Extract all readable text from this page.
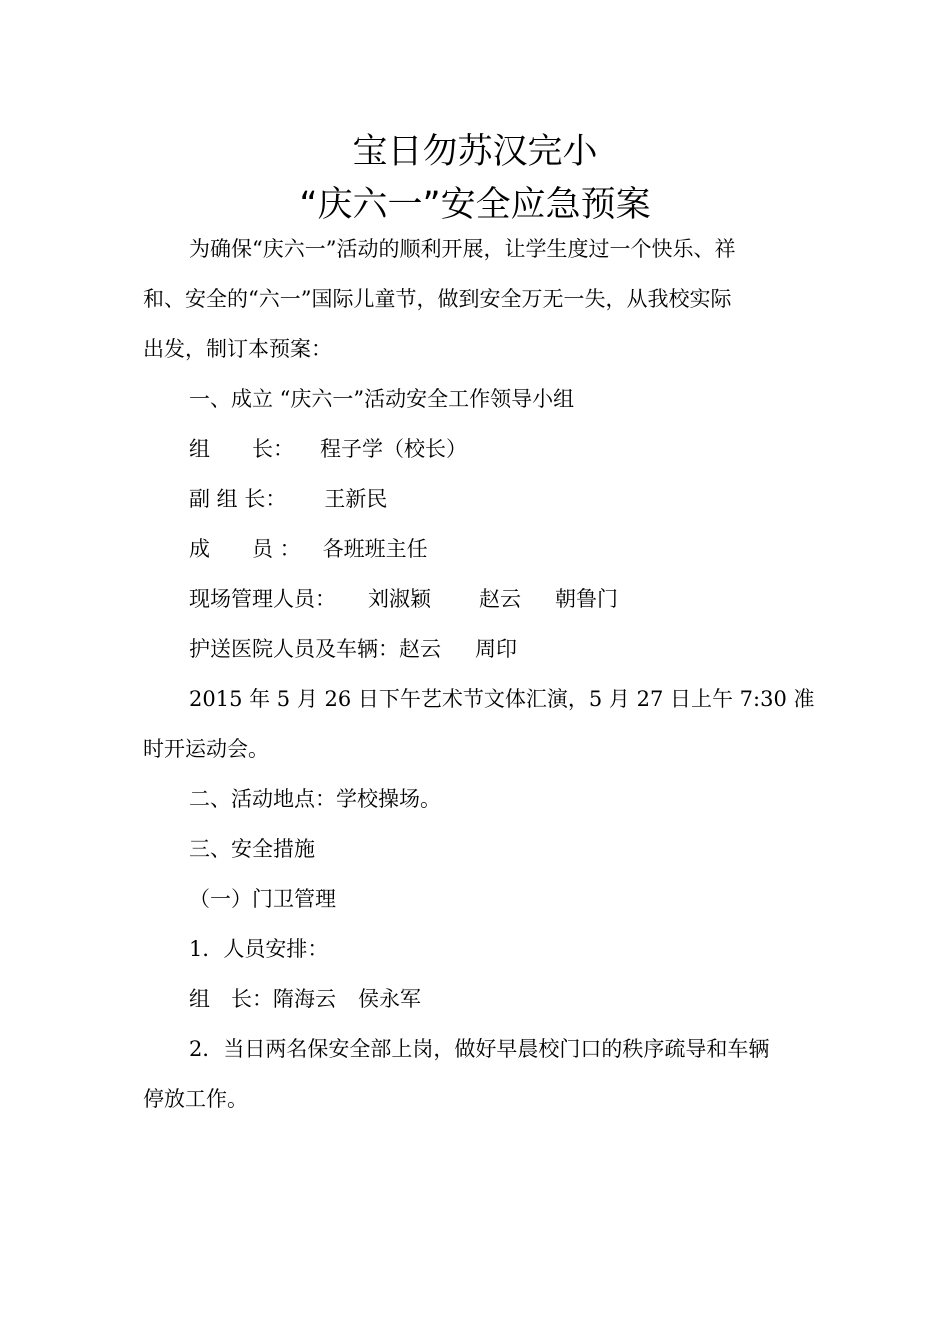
宝日勿苏汉完小
“庆六一”安全应急预案
为确保“庆六一”活动的顺利开展，让学生度过一个快乐、祥
和、安全的“六一”国际儿童节，做到安全万无一失，从我校实际
出发，制订本预案：
一、成立 “庆六一”活动安全工作领导小组
组　　长： 程子学（校长）
副 组 长： 王新民
成　　员 ： 各班班主任
现场管理人员： 刘淑颖 赵云 朝鲁门
护送医院人员及车辆：赵云 周印
2015 年 5 月 26 日下午艺术节文体汇演，5 月 27 日上午 7:30 准
时开运动会。
二、活动地点：学校操场。
三、安全措施
（一）门卫管理
1．人员安排：
组　长：隋海云 侯永军
2．当日两名保安全部上岗，做好早晨校门口的秩序疏导和车辆
停放工作。
